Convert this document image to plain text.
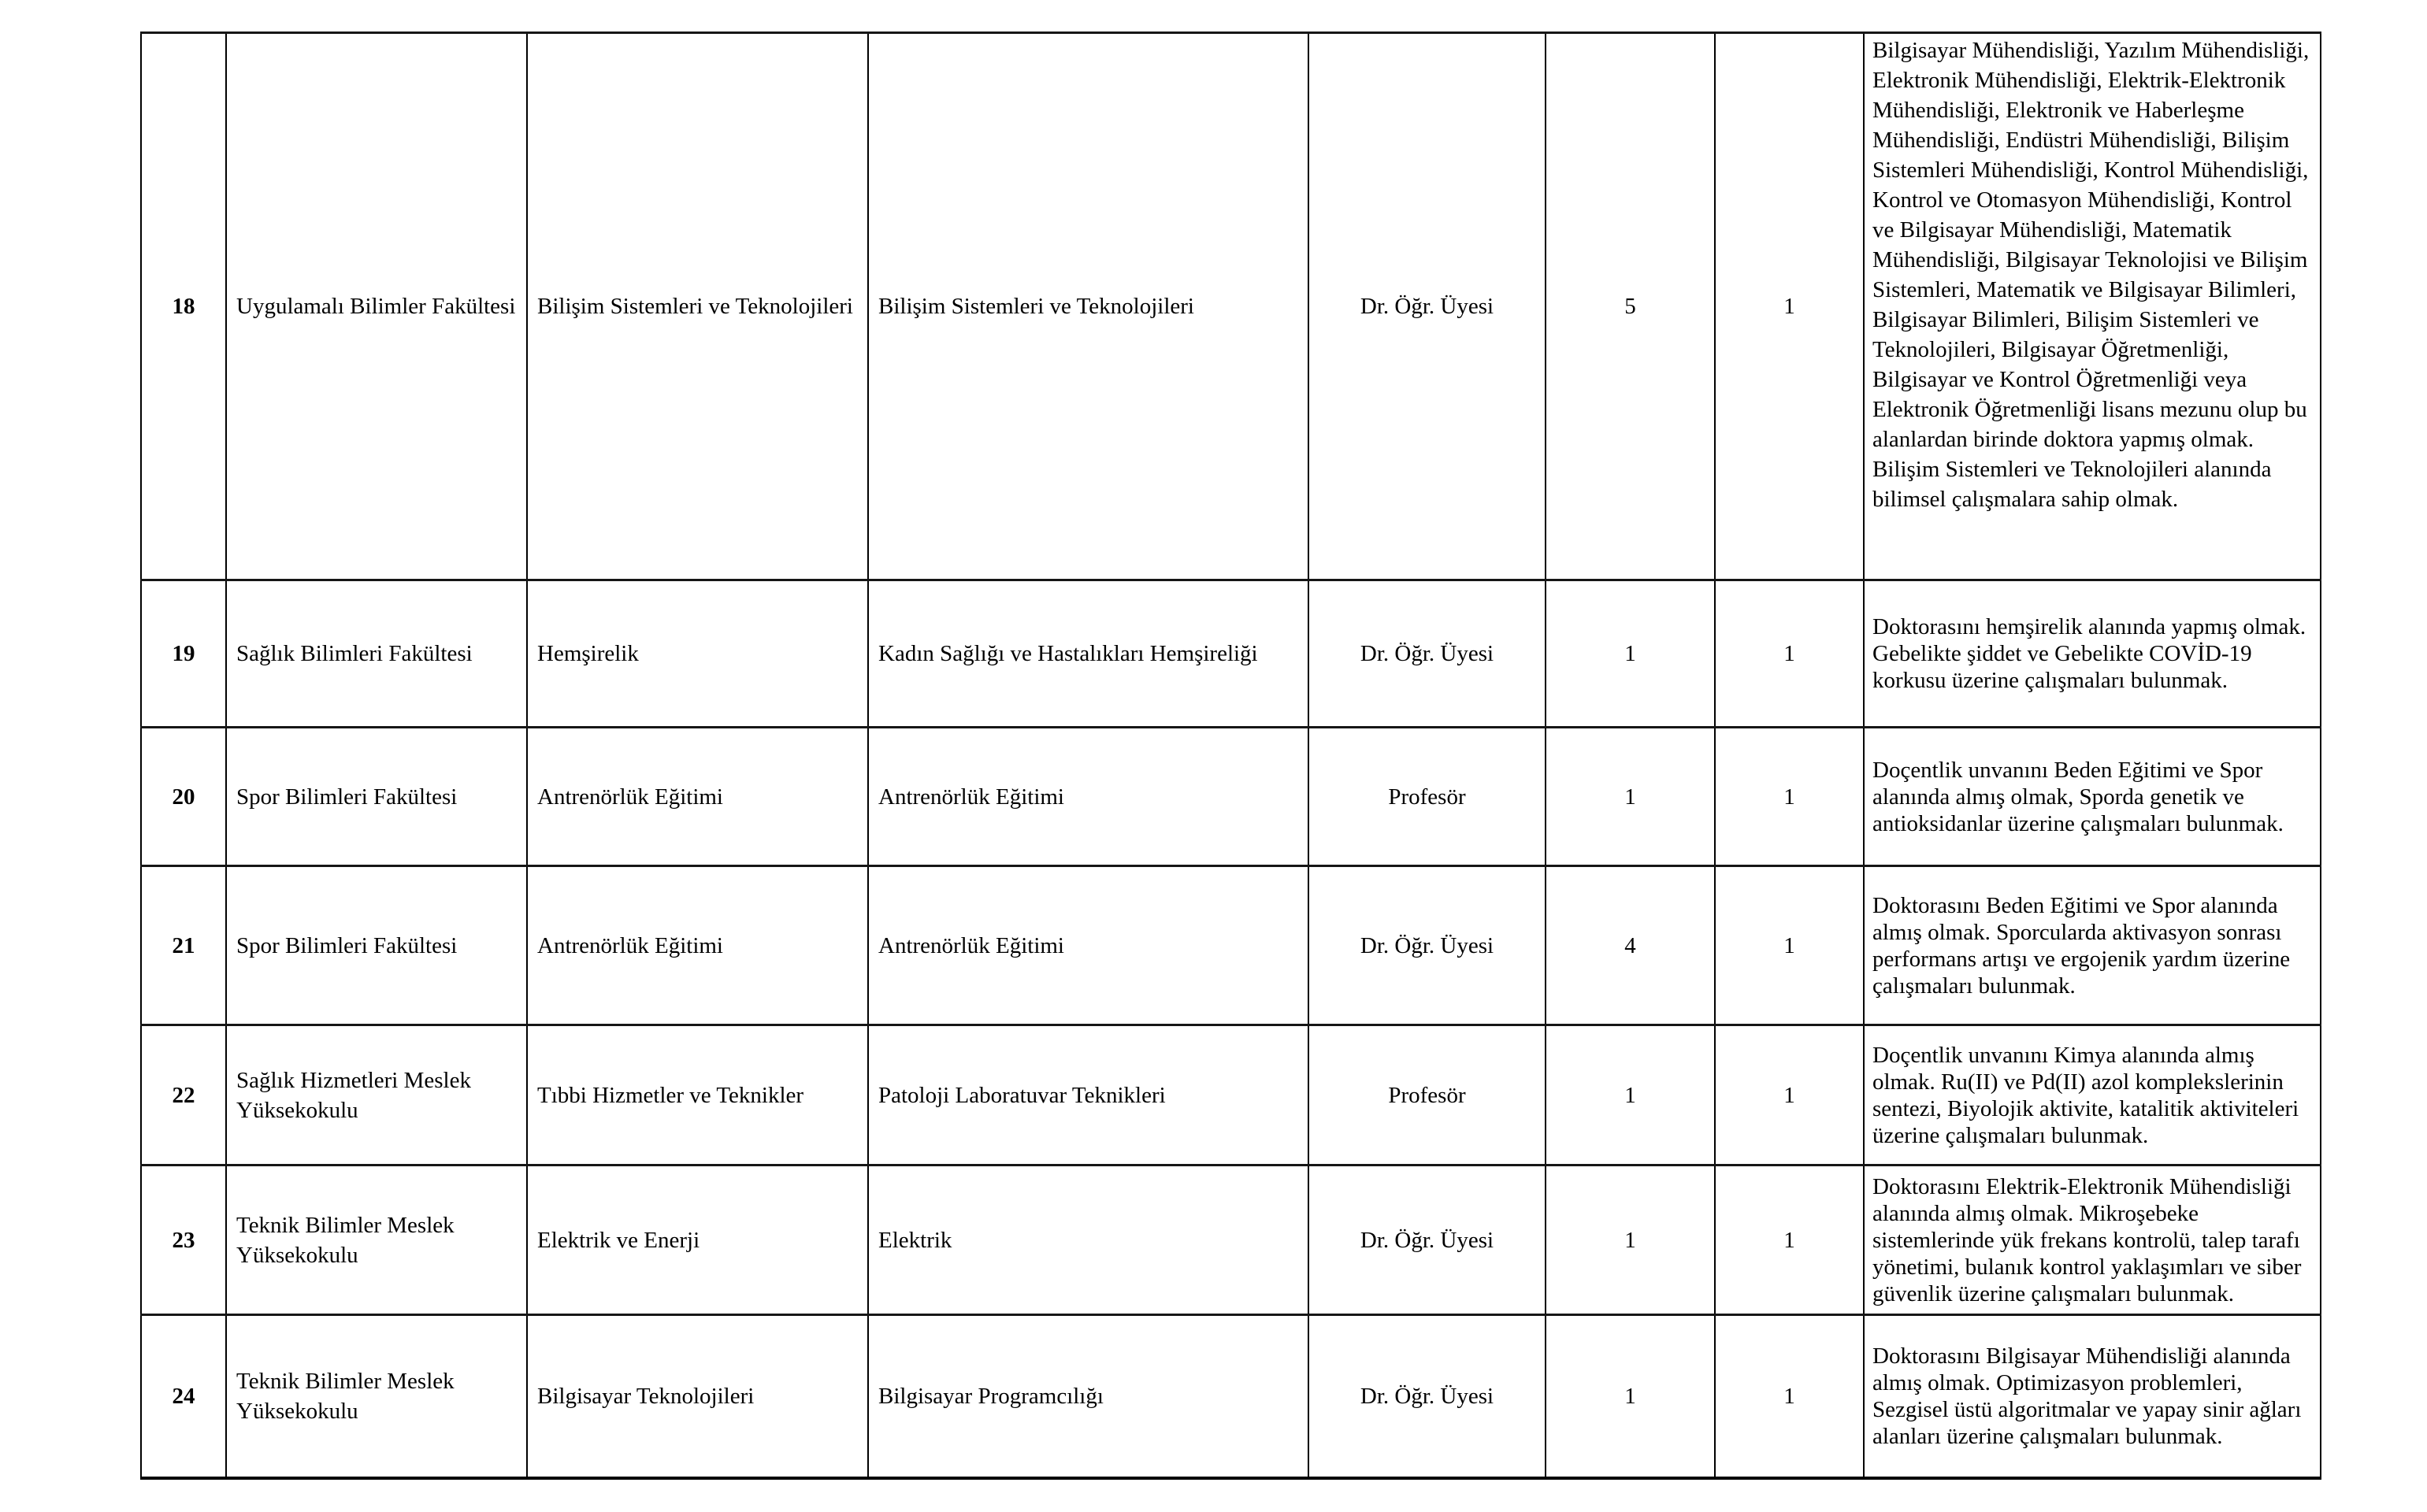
18	Uygulamalı Bilimler Fakültesi	Bilişim Sistemleri ve Teknolojileri	Bilişim Sistemleri ve Teknolojileri	Dr. Öğr. Üyesi	5	1	Bilgisayar Mühendisliği, Yazılım Mühendisliği, Elektronik Mühendisliği, Elektrik-Elektronik Mühendisliği, Elektronik ve Haberleşme Mühendisliği, Endüstri Mühendisliği, Bilişim Sistemleri Mühendisliği, Kontrol Mühendisliği, Kontrol ve Otomasyon Mühendisliği, Kontrol ve Bilgisayar Mühendisliği, Matematik Mühendisliği, Bilgisayar Teknolojisi ve Bilişim Sistemleri, Matematik ve Bilgisayar Bilimleri, Bilgisayar Bilimleri, Bilişim Sistemleri ve Teknolojileri, Bilgisayar Öğretmenliği, Bilgisayar ve Kontrol Öğretmenliği veya Elektronik Öğretmenliği lisans mezunu olup bu alanlardan birinde doktora yapmış olmak. Bilişim Sistemleri ve Teknolojileri alanında bilimsel çalışmalara sahip olmak.
19	Sağlık Bilimleri Fakültesi	Hemşirelik	Kadın Sağlığı ve Hastalıkları Hemşireliği	Dr. Öğr. Üyesi	1	1	Doktorasını hemşirelik alanında yapmış olmak. Gebelikte şiddet ve Gebelikte COVİD-19 korkusu üzerine çalışmaları bulunmak.
20	Spor Bilimleri Fakültesi	Antrenörlük Eğitimi	Antrenörlük Eğitimi	Profesör	1	1	Doçentlik unvanını Beden Eğitimi ve Spor alanında almış olmak, Sporda genetik ve antioksidanlar üzerine çalışmaları bulunmak.
21	Spor Bilimleri Fakültesi	Antrenörlük Eğitimi	Antrenörlük Eğitimi	Dr. Öğr. Üyesi	4	1	Doktorasını Beden Eğitimi ve Spor alanında almış olmak. Sporcularda aktivasyon sonrası performans artışı ve ergojenik yardım üzerine çalışmaları bulunmak.
22	Sağlık Hizmetleri Meslek Yüksekokulu	Tıbbi Hizmetler ve Teknikler	Patoloji Laboratuvar Teknikleri	Profesör	1	1	Doçentlik unvanını Kimya alanında almış olmak. Ru(II) ve Pd(II) azol komplekslerinin sentezi, Biyolojik aktivite, katalitik aktiviteleri üzerine çalışmaları bulunmak.
23	Teknik Bilimler Meslek Yüksekokulu	Elektrik ve Enerji	Elektrik	Dr. Öğr. Üyesi	1	1	Doktorasını Elektrik-Elektronik Mühendisliği alanında almış olmak. Mikroşebeke sistemlerinde yük frekans kontrolü, talep tarafı yönetimi, bulanık kontrol yaklaşımları ve siber güvenlik üzerine çalışmaları bulunmak.
24	Teknik Bilimler Meslek Yüksekokulu	Bilgisayar Teknolojileri	Bilgisayar Programcılığı	Dr. Öğr. Üyesi	1	1	Doktorasını Bilgisayar Mühendisliği alanında almış olmak. Optimizasyon problemleri, Sezgisel üstü algoritmalar ve yapay sinir ağları alanları üzerine çalışmaları bulunmak.
